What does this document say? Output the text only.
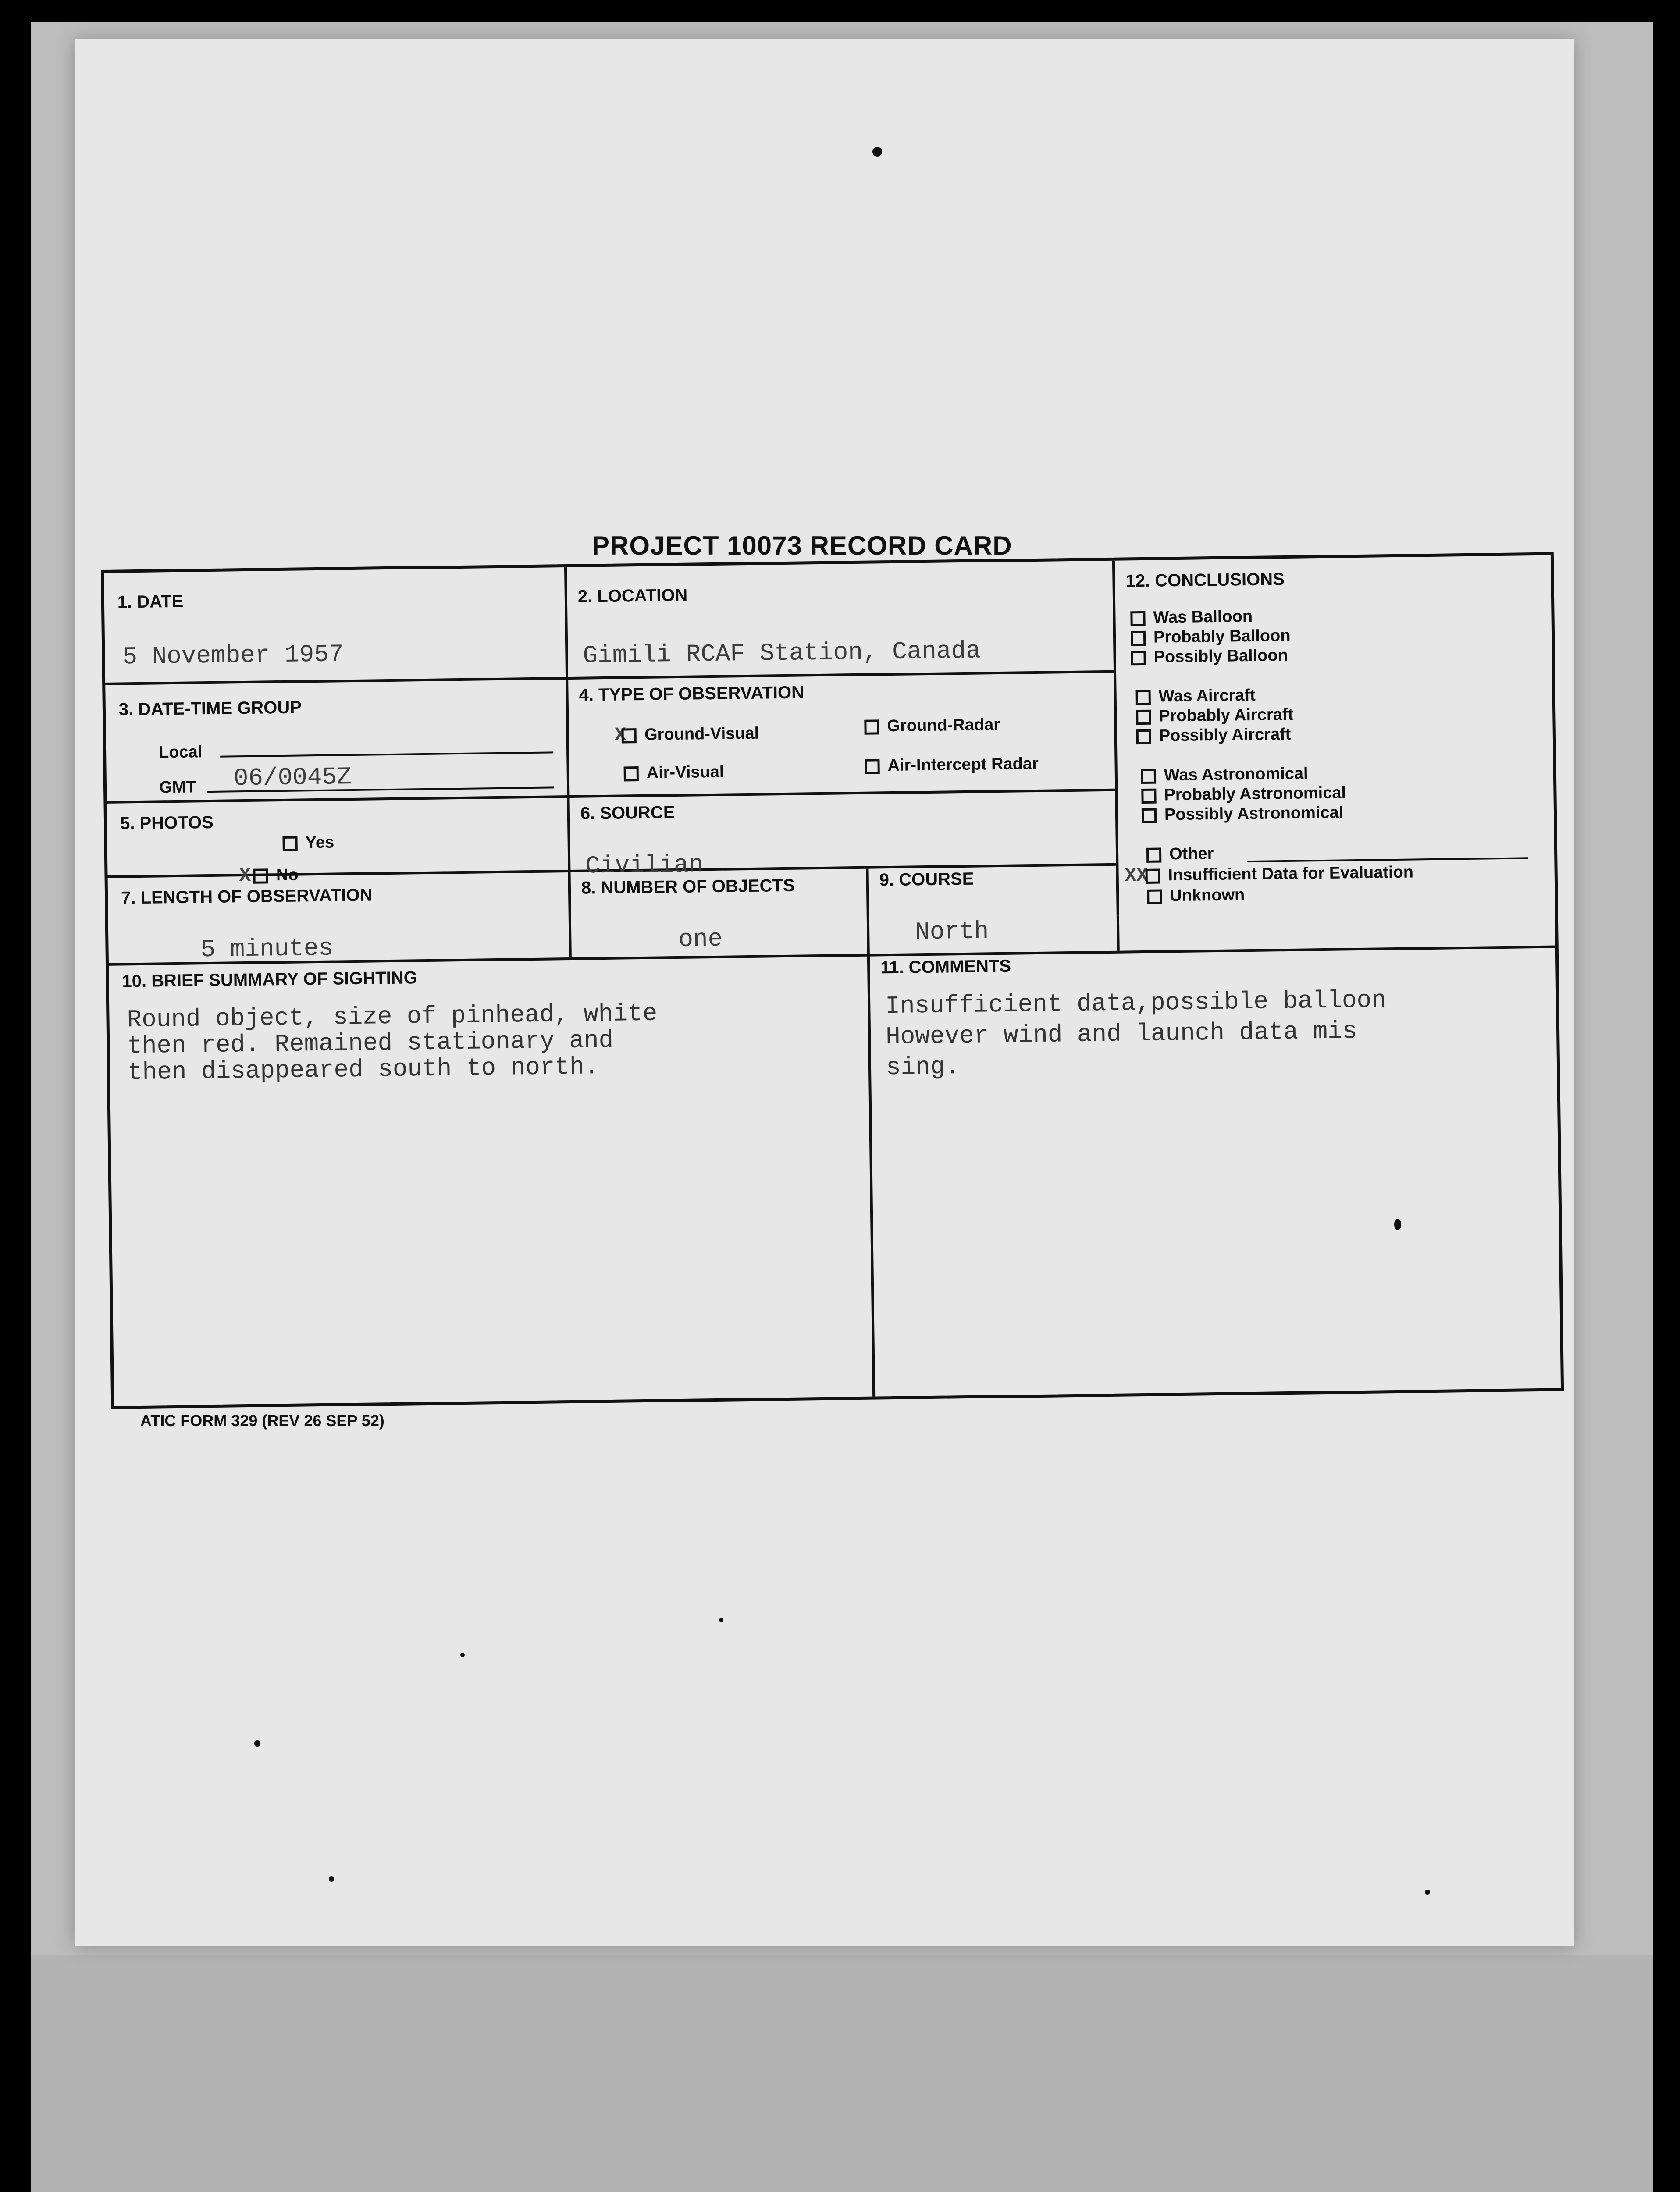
PROJECT 10073 RECORD CARD
1. DATE
5 November 1957
2. LOCATION
Gimili RCAF Station, Canada
3. DATE-TIME GROUP
Local
GMT 06/0045Z
4. TYPE OF OBSERVATION
X Ground-Visual	Ground-Radar
Air-Visual	Air-Intercept Radar
5. PHOTOS
Yes
X No
6. SOURCE
Civilian
7. LENGTH OF OBSERVATION
5 minutes
8. NUMBER OF OBJECTS
one
9. COURSE
North
12. CONCLUSIONS
Was Balloon
Probably Balloon
Possibly Balloon
Was Aircraft
Probably Aircraft
Possibly Aircraft
Was Astronomical
Probably Astronomical
Possibly Astronomical
Other
XX Insufficient Data for Evaluation
Unknown
10. BRIEF SUMMARY OF SIGHTING
Round object, size of pinhead, white
then red. Remained stationary and
then disappeared south to north.
11. COMMENTS
Insufficient data,possible balloon
However wind and launch data mis
sing.
ATIC FORM 329 (REV 26 SEP 52)
